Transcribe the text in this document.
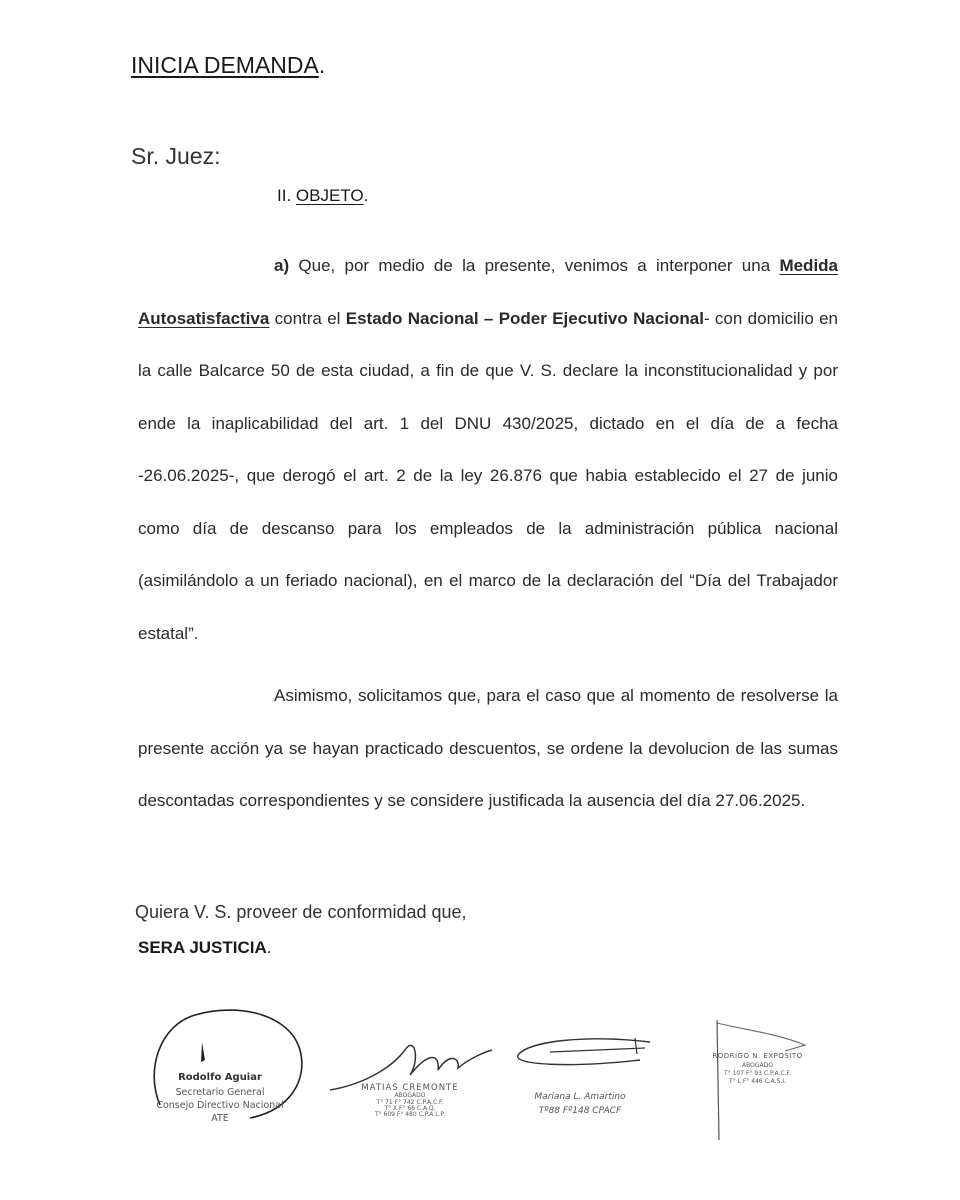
INICIA DEMANDA.
Sr. Juez:
II. OBJETO.
a) Que, por medio de la presente, venimos a interponer una Medida Autosatisfactiva contra el Estado Nacional – Poder Ejecutivo Nacional- con domicilio en la calle Balcarce 50 de esta ciudad, a fin de que V. S. declare la inconstitucionalidad y por ende la inaplicabilidad del art. 1 del DNU 430/2025, dictado en el día de a fecha -26.06.2025-, que derogó el art. 2 de la ley 26.876 que habia establecido el 27 de junio como día de descanso para los empleados de la administración pública nacional (asimilándolo a un feriado nacional), en el marco de la declaración del “Día del Trabajador estatal”.
Asimismo, solicitamos que, para el caso que al momento de resolverse la presente acción ya se hayan practicado descuentos, se ordene la devolucion de las sumas descontadas correspondientes y se considere justificada la ausencia del día 27.06.2025.
Quiera V. S. proveer de conformidad que,
SERA JUSTICIA.
Rodolfo Aguiar
Secretario General
Consejo Directivo Nacional
ATE
MATIAS CREMONTE
ABOGADO
T° 71 F° 742 C.P.A.C.F.
T° X F° 66 C.A.Q.
T° 609 F° 480 C.P.A.L.P.
Mariana L. Amartino
Tº88 Fº148 CPACF
RODRIGO N. EXPOSITO
ABOGADO
T° 107 F° 93 C.P.A.C.F.
T° L F° 446 C.A.S.I.
